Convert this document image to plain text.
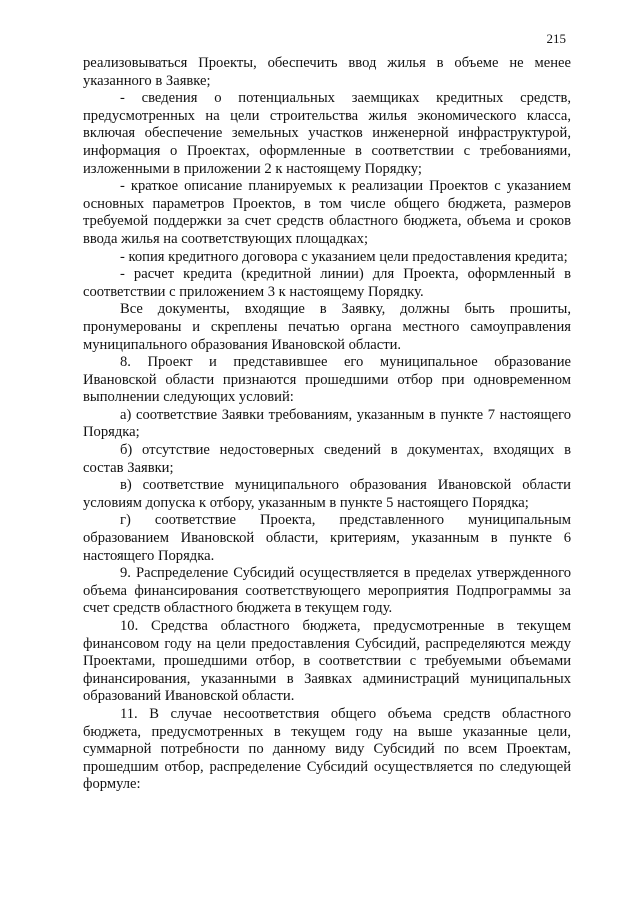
215

реализовываться Проекты, обеспечить ввод жилья в объеме не менее указанного в Заявке;

- сведения о потенциальных заемщиках кредитных средств, предусмотренных на цели строительства жилья экономического класса, включая обеспечение земельных участков инженерной инфраструктурой, информация о Проектах, оформленные в соответствии с требованиями, изложенными в приложении 2 к настоящему Порядку;

- краткое описание планируемых к реализации Проектов с указанием основных параметров Проектов, в том числе общего бюджета, размеров требуемой поддержки за счет средств областного бюджета, объема и сроков ввода жилья на соответствующих площадках;

- копия кредитного договора с указанием цели предоставления кредита;

- расчет кредита (кредитной линии) для Проекта, оформленный в соответствии с приложением 3 к настоящему Порядку.

Все документы, входящие в Заявку, должны быть прошиты, пронумерованы и скреплены печатью органа местного самоуправления муниципального образования Ивановской области.

8. Проект и представившее его муниципальное образование Ивановской области признаются прошедшими отбор при одновременном выполнении следующих условий:

а) соответствие Заявки требованиям, указанным в пункте 7 настоящего Порядка;

б) отсутствие недостоверных сведений в документах, входящих в состав Заявки;

в) соответствие муниципального образования Ивановской области условиям допуска к отбору, указанным в пункте 5 настоящего Порядка;

г) соответствие Проекта, представленного муниципальным образованием Ивановской области, критериям, указанным в пункте 6 настоящего Порядка.

9. Распределение Субсидий осуществляется в пределах утвержденного объема финансирования соответствующего мероприятия Подпрограммы за счет средств областного бюджета в текущем году.

10. Средства областного бюджета, предусмотренные в текущем финансовом году на цели предоставления Субсидий, распределяются между Проектами, прошедшими отбор, в соответствии с требуемыми объемами финансирования, указанными в Заявках администраций муниципальных образований Ивановской области.

11. В случае несоответствия общего объема средств областного бюджета, предусмотренных в текущем году на выше указанные цели, суммарной потребности по данному виду Субсидий по всем Проектам, прошедшим отбор, распределение Субсидий осуществляется по следующей формуле:
